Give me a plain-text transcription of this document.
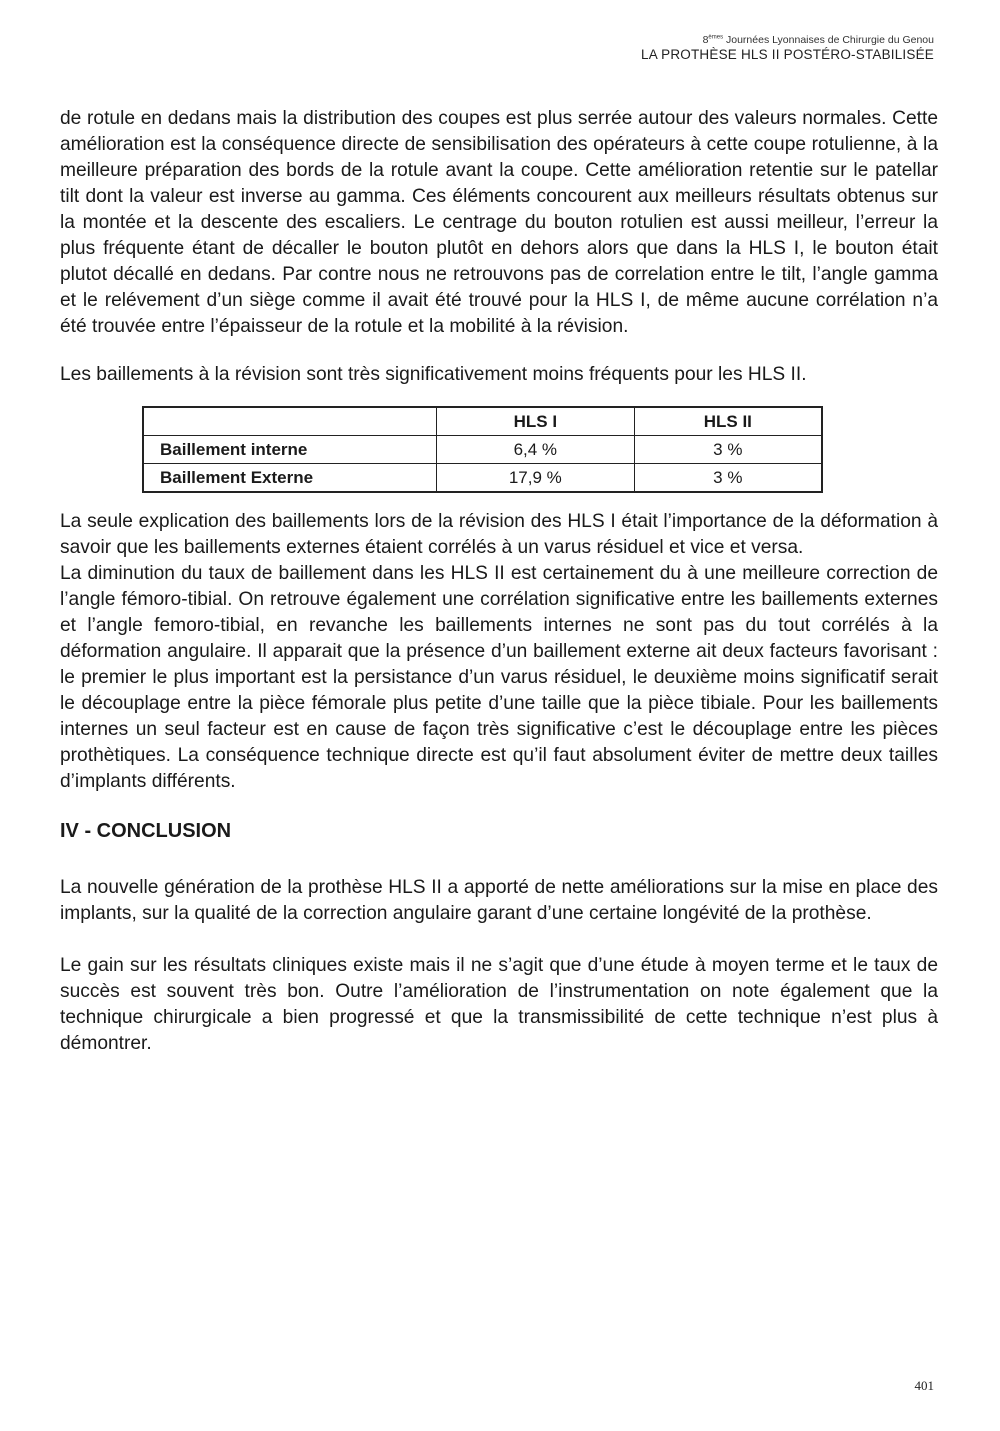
8èmes Journées Lyonnaises de Chirurgie du Genou
LA PROTHÈSE HLS II POSTÉRO-STABILISÉE

de rotule en dedans mais la distribution des coupes est plus serrée autour des valeurs normales. Cette amélioration est la conséquence directe de sensibilisation des opérateurs à cette coupe rotulienne, à la meilleure préparation des bords de la rotule avant la coupe. Cette amélioration retentie sur le patellar tilt dont la valeur est inverse au gamma. Ces éléments concourent aux meilleurs résultats obtenus sur la montée et la descente des escaliers. Le centrage du bouton rotulien est aussi meilleur, l’erreur la plus fréquente étant de décaller le bouton plutôt en dehors alors que dans la HLS I, le bouton était plutot décallé en dedans. Par contre nous ne retrouvons pas de correlation entre le tilt, l’angle gamma et le relévement d’un siège comme il avait été trouvé pour la HLS I, de même aucune corrélation n’a été trouvée entre l’épaisseur de la rotule et la mobilité à la révision.

Les baillements à la révision sont très significativement moins fréquents pour les HLS II.

	HLS I	HLS II
Baillement interne	6,4 %	3 %
Baillement Externe	17,9 %	3 %

La seule explication des baillements lors de la révision des HLS I était l’importance de la déformation à savoir que les baillements externes étaient corrélés à un varus résiduel et vice et versa.

La diminution du taux de baillement dans les HLS II est certainement du à une meilleure correction de l’angle fémoro-tibial. On retrouve également une corrélation significative entre les baillements externes et l’angle femoro-tibial, en revanche les baillements internes ne sont pas du tout corrélés à la déformation angulaire. Il apparait que la présence d’un baillement externe ait deux facteurs favorisant : le premier le plus important est la persistance d’un varus résiduel, le deuxième moins significatif serait le découplage entre la pièce fémorale plus petite d’une taille que la pièce tibiale. Pour les baillements internes un seul facteur est en cause de façon très significative c’est le découplage entre les pièces prothètiques. La conséquence technique directe est qu’il faut absolument éviter de mettre deux tailles d’implants différents.

IV - CONCLUSION

La nouvelle génération de la prothèse HLS II a apporté de nette améliorations sur la mise en place des implants, sur la qualité de la correction angulaire garant d’une certaine longévité de la prothèse.

Le gain sur les résultats cliniques existe mais il ne s’agit que d’une étude à moyen terme et le taux de succès est souvent très bon. Outre l’amélioration de l’instrumentation on note également que la technique chirurgicale a bien progressé et que la transmissibilité de cette technique n’est plus à démontrer.

401
